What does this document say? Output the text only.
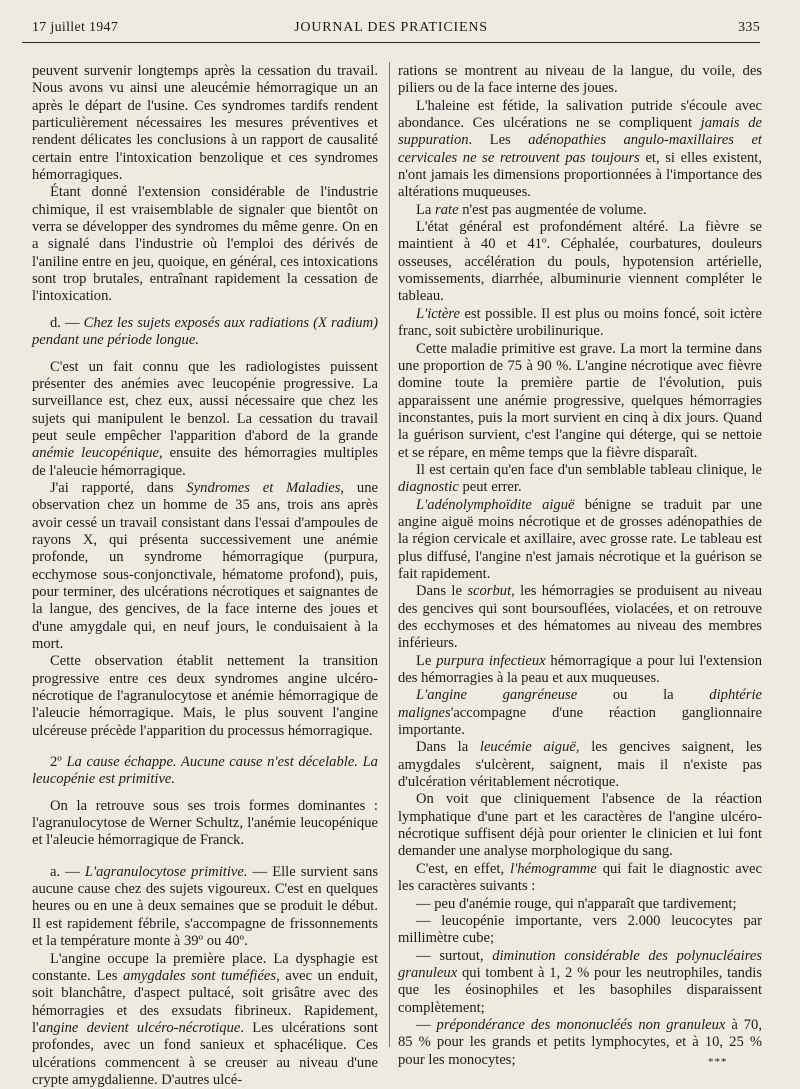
17 juillet 1947	JOURNAL DES PRATICIENS	335

peuvent survenir longtemps après la cessation du travail. Nous avons vu ainsi une aleucémie hémorragique un an après le départ de l'usine. Ces syndromes tardifs rendent particulièrement nécessaires les mesures préventives et rendent délicates les conclusions à un rapport de causalité certain entre l'intoxication benzolique et ces syndromes hémorragiques.

Étant donné l'extension considérable de l'industrie chimique, il est vraisemblable de signaler que bientôt on verra se développer des syndromes du même genre. On en a signalé dans l'industrie où l'emploi des dérivés de l'aniline entre en jeu, quoique, en général, ces intoxications sont trop brutales, entraînant rapidement la cessation de l'intoxication.

d. — Chez les sujets exposés aux radiations (X radium) pendant une période longue.

C'est un fait connu que les radiologistes puissent présenter des anémies avec leucopénie progressive. La surveillance est, chez eux, aussi nécessaire que chez les sujets qui manipulent le benzol. La cessation du travail peut seule empêcher l'apparition d'abord de la grande anémie leucopénique, ensuite des hémorragies multiples de l'aleucie hémorragique.

J'ai rapporté, dans Syndromes et Maladies, une observation chez un homme de 35 ans, trois ans après avoir cessé un travail consistant dans l'essai d'ampoules de rayons X, qui présenta successivement une anémie profonde, un syndrome hémorragique (purpura, ecchymose sous-conjonctivale, hématome profond), puis, pour terminer, des ulcérations nécrotiques et saignantes de la langue, des gencives, de la face interne des joues et d'une amygdale qui, en neuf jours, le conduisaient à la mort.

Cette observation établit nettement la transition progressive entre ces deux syndromes angine ulcéro-nécrotique de l'agranulocytose et anémie hémorragique de l'aleucie hémorragique. Mais, le plus souvent l'angine ulcéreuse précède l'apparition du processus hémorragique.

2º La cause échappe. Aucune cause n'est décelable. La leucopénie est primitive.

On la retrouve sous ses trois formes dominantes : l'agranulocytose de Werner Schultz, l'anémie leucopénique et l'aleucie hémorragique de Franck.

a. — L'agranulocytose primitive. — Elle survient sans aucune cause chez des sujets vigoureux. C'est en quelques heures ou en une à deux semaines que se produit le début. Il est rapidement fébrile, s'accompagne de frissonnements et la température monte à 39º ou 40º.

L'angine occupe la première place. La dysphagie est constante. Les amygdales sont tuméfiées, avec un enduit, soit blanchâtre, d'aspect pultacé, soit grisâtre avec des hémorragies et des exsudats fibrineux. Rapidement, l'angine devient ulcéro-nécrotique. Les ulcérations sont profondes, avec un fond sanieux et sphacélique. Ces ulcérations commencent à se creuser au niveau d'une crypte amygdalienne. D'autres ulcé-

rations se montrent au niveau de la langue, du voile, des piliers ou de la face interne des joues.

L'haleine est fétide, la salivation putride s'écoule avec abondance. Ces ulcérations ne se compliquent jamais de suppuration. Les adénopathies angulo-maxillaires et cervicales ne se retrouvent pas toujours et, si elles existent, n'ont jamais les dimensions proportionnées à l'importance des altérations muqueuses.

La rate n'est pas augmentée de volume.

L'état général est profondément altéré. La fièvre se maintient à 40 et 41º. Céphalée, courbatures, douleurs osseuses, accélération du pouls, hypotension artérielle, vomissements, diarrhée, albuminurie viennent compléter le tableau.

L'ictère est possible. Il est plus ou moins foncé, soit ictère franc, soit subictère urobilinurique.

Cette maladie primitive est grave. La mort la termine dans une proportion de 75 à 90 %. L'angine nécrotique avec fièvre domine toute la première partie de l'évolution, puis apparaissent une anémie progressive, quelques hémorragies inconstantes, puis la mort survient en cinq à dix jours. Quand la guérison survient, c'est l'angine qui déterge, qui se nettoie et se répare, en même temps que la fièvre disparaît.

Il est certain qu'en face d'un semblable tableau clinique, le diagnostic peut errer.

L'adénolymphoïdite aiguë bénigne se traduit par une angine aiguë moins nécrotique et de grosses adénopathies de la région cervicale et axillaire, avec grosse rate. Le tableau est plus diffusé, l'angine n'est jamais nécrotique et la guérison se fait rapidement.

Dans le scorbut, les hémorragies se produisent au niveau des gencives qui sont boursouflées, violacées, et on retrouve des ecchymoses et des hématomes au niveau des membres inférieurs.

Le purpura infectieux hémorragique a pour lui l'extension des hémorragies à la peau et aux muqueuses.

L'angine gangréneuse ou la diphtérie malignes'accompagne d'une réaction ganglionnaire importante.

Dans la leucémie aiguë, les gencives saignent, les amygdales s'ulcèrent, saignent, mais il n'existe pas d'ulcération véritablement nécrotique.

On voit que cliniquement l'absence de la réaction lymphatique d'une part et les caractères de l'angine ulcéro-nécrotique suffisent déjà pour orienter le clinicien et lui font demander une analyse morphologique du sang.

C'est, en effet, l'hémogramme qui fait le diagnostic avec les caractères suivants :

— peu d'anémie rouge, qui n'apparaît que tardivement;

— leucopénie importante, vers 2.000 leucocytes par millimètre cube;

— surtout, diminution considérable des polynucléaires granuleux qui tombent à 1, 2 % pour les neutrophiles, tandis que les éosinophiles et les basophiles disparaissent complètement;

— prépondérance des mononucléés non granuleux à 70, 85 % pour les grands et petits lymphocytes, et à 10, 25 % pour les monocytes;	***
